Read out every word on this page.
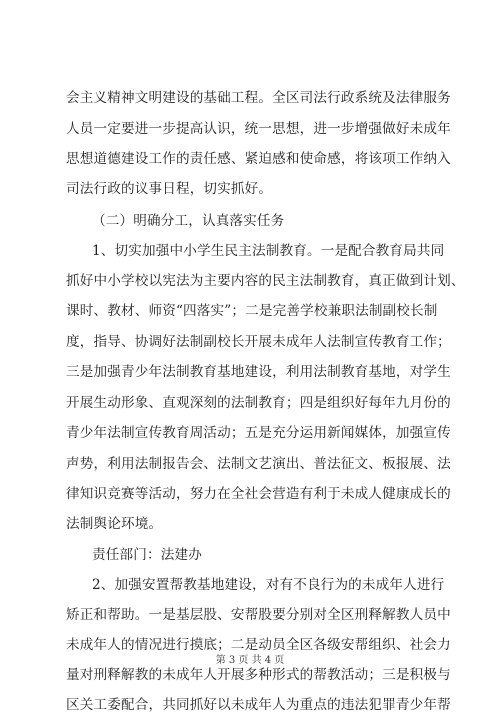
会主义精神文明建设的基础工程。全区司法行政系统及法律服务
人员一定要进一步提高认识，统一思想，进一步增强做好未成年
思想道德建设工作的责任感、紧迫感和使命感，将该项工作纳入
司法行政的议事日程，切实抓好。
（二）明确分工，认真落实任务
1、切实加强中小学生民主法制教育。一是配合教育局共同
抓好中小学校以宪法为主要内容的民主法制教育，真正做到计划、
课时、教材、师资“四落实”；二是完善学校兼职法制副校长制
度，指导、协调好法制副校长开展未成年人法制宣传教育工作；
三是加强青少年法制教育基地建设，利用法制教育基地，对学生
开展生动形象、直观深刻的法制教育；四是组织好每年九月份的
青少年法制宣传教育周活动；五是充分运用新闻媒体，加强宣传
声势，利用法制报告会、法制文艺演出、普法征文、板报展、法
律知识竞赛等活动，努力在全社会营造有利于未成人健康成长的
法制舆论环境。
责任部门：法建办
2、加强安置帮教基地建设，对有不良行为的未成年人进行
矫正和帮助。一是基层股、安帮股要分别对全区刑释解教人员中
未成年人的情况进行摸底；二是动员全区各级安帮组织、社会力
量对刑释解教的未成年人开展多种形式的帮教活动；三是积极与
区关工委配合，共同抓好以未成年人为重点的违法犯罪青少年帮
第 3 页 共 4 页
